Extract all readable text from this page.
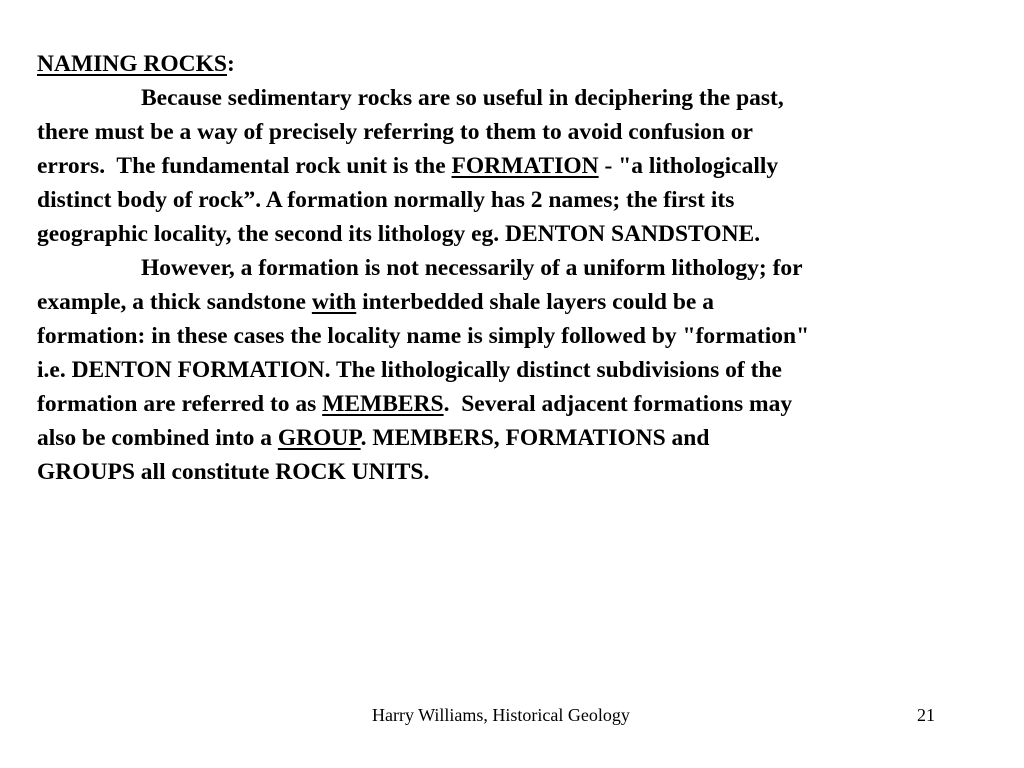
NAMING ROCKS:
Because sedimentary rocks are so useful in deciphering the past,
there must be a way of precisely referring to them to avoid confusion or
errors.  The fundamental rock unit is the FORMATION - "a lithologically
distinct body of rock”. A formation normally has 2 names; the first its
geographic locality, the second its lithology eg. DENTON SANDSTONE.
However, a formation is not necessarily of a uniform lithology; for
example, a thick sandstone with interbedded shale layers could be a
formation: in these cases the locality name is simply followed by "formation"
i.e. DENTON FORMATION. The lithologically distinct subdivisions of the
formation are referred to as MEMBERS.  Several adjacent formations may
also be combined into a GROUP. MEMBERS, FORMATIONS and
GROUPS all constitute ROCK UNITS.
Harry Williams, Historical Geology	21
